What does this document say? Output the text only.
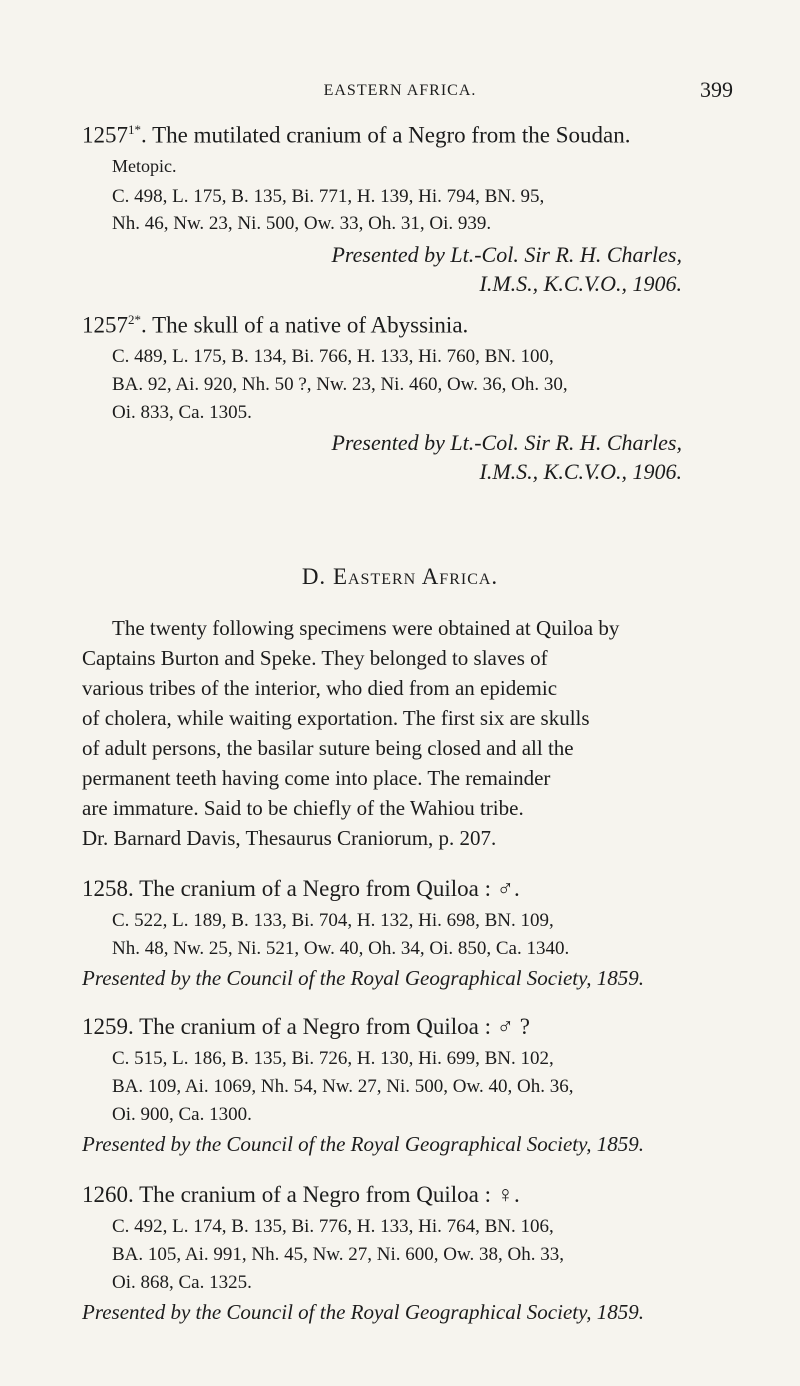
EASTERN AFRICA.	399
$1257^{1*}$. The mutilated cranium of a Negro from the Soudan.
Metopic.
C. 498, L. 175, B. 135, Bi. 771, H. 139, Hi. 794, BN. 95,
Nh. 46, Nw. 23, Ni. 500, Ow. 33, Oh. 31, Oi. 939.
Presented by Lt.-Col. Sir R. H. Charles,
I.M.S., K.C.V.O., 1906.
$1257^{2*}$. The skull of a native of Abyssinia.
C. 489, L. 175, B. 134, Bi. 766, H. 133, Hi. 760, BN. 100,
BA. 92, Ai. 920, Nh. 50 ?, Nw. 23, Ni. 460, Ow. 36, Oh. 30,
Oi. 833, Ca. 1305.
Presented by Lt.-Col. Sir R. H. Charles,
I.M.S., K.C.V.O., 1906.
D. Eastern Africa.
The twenty following specimens were obtained at Quiloa by
Captains Burton and Speke. They belonged to slaves of
various tribes of the interior, who died from an epidemic
of cholera, while waiting exportation. The first six are skulls
of adult persons, the basilar suture being closed and all the
permanent teeth having come into place. The remainder
are immature. Said to be chiefly of the Wahiou tribe.
Dr. Barnard Davis, Thesaurus Craniorum, p. 207.
1258. The cranium of a Negro from Quiloa : ♂.
C. 522, L. 189, B. 133, Bi. 704, H. 132, Hi. 698, BN. 109,
Nh. 48, Nw. 25, Ni. 521, Ow. 40, Oh. 34, Oi. 850, Ca. 1340.
Presented by the Council of the Royal Geographical Society, 1859.
1259. The cranium of a Negro from Quiloa : ♂ ?
C. 515, L. 186, B. 135, Bi. 726, H. 130, Hi. 699, BN. 102,
BA. 109, Ai. 1069, Nh. 54, Nw. 27, Ni. 500, Ow. 40, Oh. 36,
Oi. 900, Ca. 1300.
Presented by the Council of the Royal Geographical Society, 1859.
1260. The cranium of a Negro from Quiloa : ♀.
C. 492, L. 174, B. 135, Bi. 776, H. 133, Hi. 764, BN. 106,
BA. 105, Ai. 991, Nh. 45, Nw. 27, Ni. 600, Ow. 38, Oh. 33,
Oi. 868, Ca. 1325.
Presented by the Council of the Royal Geographical Society, 1859.
